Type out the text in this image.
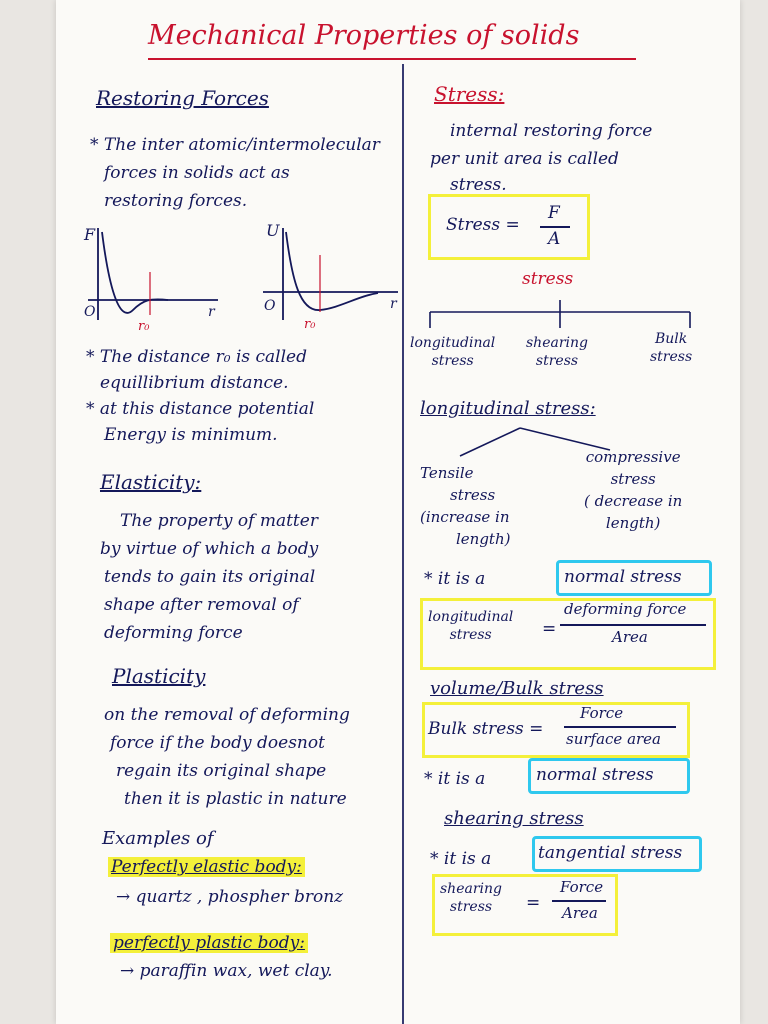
Mechanical Properties of solids
Restoring Forces
* The inter atomic/intermolecular
forces in solids act as
restoring forces.
F
O	r
r₀
U
O	r
r₀
* The distance r₀ is called
equillibrium distance.
* at this distance potential
Energy is minimum.
Elasticity:
The property of matter
by virtue of which a body
tends to gain its original
shape after removal of
deforming force
Plasticity
on the removal of deforming
force if the body doesnot
regain its original shape
then it is plastic in nature
Examples of
Perfectly elastic body:
→ quartz , phospher bronz
perfectly plastic body:
→ paraffin wax, wet clay.
Stress:
internal restoring force
per unit area is called
stress.
Stress =
F
A
stress
longitudinal
stress
shearing
stress
Bulk
stress
longitudinal stress:
Tensile
stress
(increase in
length)
compressive
stress
( decrease in
length)
* it is a	normal stress
longitudinal
stress	=
deforming force
Area
volume/Bulk stress
Bulk stress =
Force
surface area
* it is a	normal stress
shearing stress
* it is a	tangential stress
shearing
stress	=
Force
Area
